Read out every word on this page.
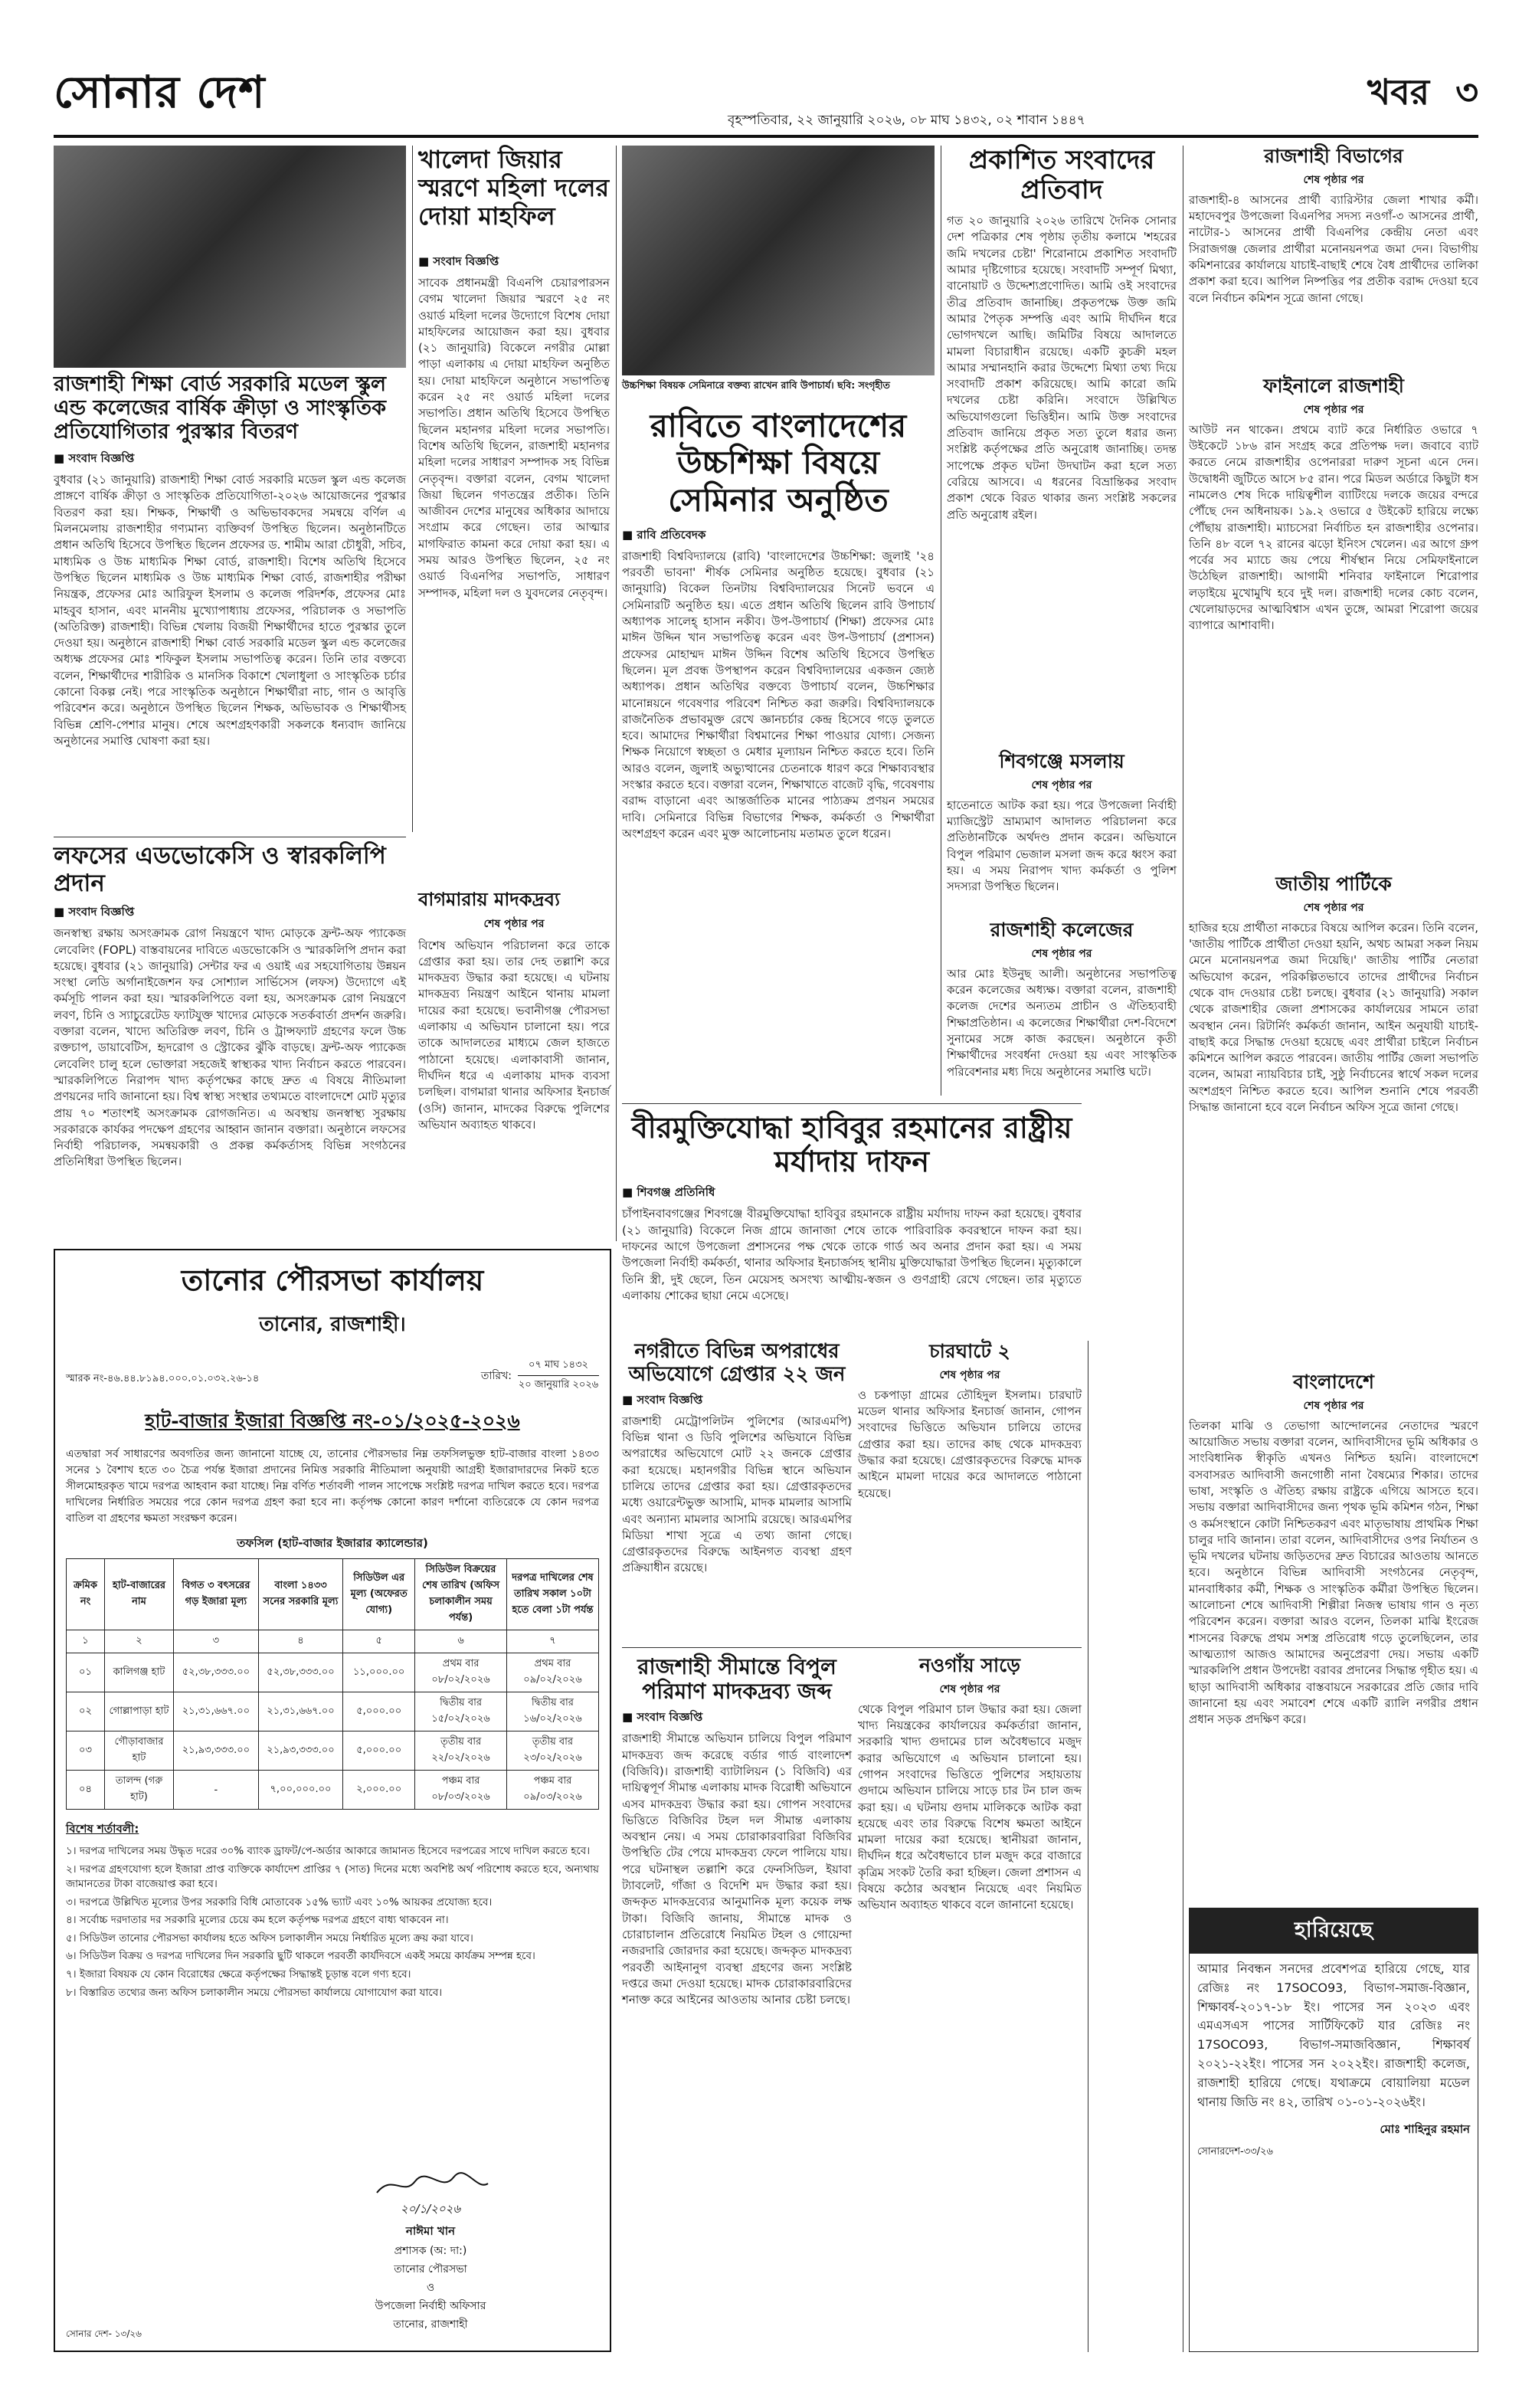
সোনার দেশ
বৃহস্পতিবার, ২২ জানুয়ারি ২০২৬, ০৮ মাঘ ১৪৩২, ০২ শাবান ১৪৪৭
খবর ৩
রাজশাহী শিক্ষা বোর্ড সরকারি মডেল স্কুল এন্ড কলেজের বার্ষিক ক্রীড়া ও সাংস্কৃতিক প্রতিযোগিতার পুরস্কার বিতরণ
■ সংবাদ বিজ্ঞপ্তি
বুধবার (২১ জানুয়ারি) রাজশাহী শিক্ষা বোর্ড সরকারি মডেল স্কুল এন্ড কলেজ প্রাঙ্গণে বার্ষিক ক্রীড়া ও সাংস্কৃতিক প্রতিযোগিতা-২০২৬ আয়োজনের পুরস্কার বিতরণ করা হয়। শিক্ষক, শিক্ষার্থী ও অভিভাবকদের সমন্বয়ে বর্ণিল এ মিলনমেলায় রাজশাহীর গণ্যমান্য ব্যক্তিবর্গ উপস্থিত ছিলেন। অনুষ্ঠানটিতে প্রধান অতিথি হিসেবে উপস্থিত ছিলেন প্রফেসর ড. শামীম আরা চৌধুরী, সচিব, মাধ্যমিক ও উচ্চ মাধ্যমিক শিক্ষা বোর্ড, রাজশাহী। বিশেষ অতিথি হিসেবে উপস্থিত ছিলেন মাধ্যমিক ও উচ্চ মাধ্যমিক শিক্ষা বোর্ড, রাজশাহীর পরীক্ষা নিয়ন্ত্রক, প্রফেসর মোঃ আরিফুল ইসলাম ও কলেজ পরিদর্শক, প্রফেসর মোঃ মাহবুব হাসান, এবং মাননীয় মুখ্যোপাধ্যায় প্রফেসর, পরিচালক ও সভাপতি (অতিরিক্ত) রাজশাহী। বিভিন্ন খেলায় বিজয়ী শিক্ষার্থীদের হাতে পুরস্কার তুলে দেওয়া হয়। অনুষ্ঠানে রাজশাহী শিক্ষা বোর্ড সরকারি মডেল স্কুল এন্ড কলেজের অধ্যক্ষ প্রফেসর মোঃ শফিকুল ইসলাম সভাপতিত্ব করেন। তিনি তার বক্তব্যে বলেন, শিক্ষার্থীদের শারীরিক ও মানসিক বিকাশে খেলাধুলা ও সাংস্কৃতিক চর্চার কোনো বিকল্প নেই। পরে সাংস্কৃতিক অনুষ্ঠানে শিক্ষার্থীরা নাচ, গান ও আবৃত্তি পরিবেশন করে। অনুষ্ঠানে উপস্থিত ছিলেন শিক্ষক, অভিভাবক ও শিক্ষার্থীসহ বিভিন্ন শ্রেণি-পেশার মানুষ। শেষে অংশগ্রহণকারী সকলকে ধন্যবাদ জানিয়ে অনুষ্ঠানের সমাপ্তি ঘোষণা করা হয়।
খালেদা জিয়ার স্মরণে মহিলা দলের দোয়া মাহফিল
■ সংবাদ বিজ্ঞপ্তি
সাবেক প্রধানমন্ত্রী বিএনপি চেয়ারপারসন বেগম খালেদা জিয়ার স্মরণে ২৫ নং ওয়ার্ড মহিলা দলের উদ্যোগে বিশেষ দোয়া মাহফিলের আয়োজন করা হয়। বুধবার (২১ জানুয়ারি) বিকেলে নগরীর মোল্লা পাড়া এলাকায় এ দোয়া মাহফিল অনুষ্ঠিত হয়। দোয়া মাহফিলে অনুষ্ঠানে সভাপতিত্ব করেন ২৫ নং ওয়ার্ড মহিলা দলের সভাপতি। প্রধান অতিথি হিসেবে উপস্থিত ছিলেন মহানগর মহিলা দলের সভাপতি। বিশেষ অতিথি ছিলেন, রাজশাহী মহানগর মহিলা দলের সাধারণ সম্পাদক সহ বিভিন্ন নেতৃবৃন্দ। বক্তারা বলেন, বেগম খালেদা জিয়া ছিলেন গণতন্ত্রের প্রতীক। তিনি আজীবন দেশের মানুষের অধিকার আদায়ে সংগ্রাম করে গেছেন। তার আত্মার মাগফিরাত কামনা করে দোয়া করা হয়। এ সময় আরও উপস্থিত ছিলেন, ২৫ নং ওয়ার্ড বিএনপির সভাপতি, সাধারণ সম্পাদক, মহিলা দল ও যুবদলের নেতৃবৃন্দ।
লফসের এডভোকেসি ও স্বারকলিপি প্রদান
■ সংবাদ বিজ্ঞপ্তি
জনস্বাস্থ্য রক্ষায় অসংক্রামক রোগ নিয়ন্ত্রণে খাদ্য মোড়কে ফ্রন্ট-অফ প্যাকেজ লেবেলিং (FOPL) বাস্তবায়নের দাবিতে এডভোকেসি ও স্মারকলিপি প্রদান করা হয়েছে। বুধবার (২১ জানুয়ারি) সেন্টার ফর এ ওয়াই এর সহযোগিতায় উন্নয়ন সংস্থা লেডি অর্গানাইজেশন ফর সোশ্যাল সার্ভিসেস (লফস) উদ্যোগে এই কর্মসূচি পালন করা হয়। স্মারকলিপিতে বলা হয়, অসংক্রামক রোগ নিয়ন্ত্রণে লবণ, চিনি ও স্যাচুরেটেড ফ্যাটযুক্ত খাদ্যের মোড়কে সতর্কবার্তা প্রদর্শন জরুরি। বক্তারা বলেন, খাদ্যে অতিরিক্ত লবণ, চিনি ও ট্রান্সফ্যাট গ্রহণের ফলে উচ্চ রক্তচাপ, ডায়াবেটিস, হৃদরোগ ও স্ট্রোকের ঝুঁকি বাড়ছে। ফ্রন্ট-অফ প্যাকেজ লেবেলিং চালু হলে ভোক্তারা সহজেই স্বাস্থ্যকর খাদ্য নির্বাচন করতে পারবেন। স্মারকলিপিতে নিরাপদ খাদ্য কর্তৃপক্ষের কাছে দ্রুত এ বিষয়ে নীতিমালা প্রণয়নের দাবি জানানো হয়। বিশ্ব স্বাস্থ্য সংস্থার তথ্যমতে বাংলাদেশে মোট মৃত্যুর প্রায় ৭০ শতাংশই অসংক্রামক রোগজনিত। এ অবস্থায় জনস্বাস্থ্য সুরক্ষায় সরকারকে কার্যকর পদক্ষেপ গ্রহণের আহ্বান জানান বক্তারা। অনুষ্ঠানে লফসের নির্বাহী পরিচালক, সমন্বয়কারী ও প্রকল্প কর্মকর্তাসহ বিভিন্ন সংগঠনের প্রতিনিধিরা উপস্থিত ছিলেন।
বাগমারায় মাদকদ্রব্য
শেষ পৃষ্ঠার পর
বিশেষ অভিযান পরিচালনা করে তাকে গ্রেপ্তার করা হয়। তার দেহ তল্লাশি করে মাদকদ্রব্য উদ্ধার করা হয়েছে। এ ঘটনায় মাদকদ্রব্য নিয়ন্ত্রণ আইনে থানায় মামলা দায়ের করা হয়েছে। ভবানীগঞ্জ পৌরসভা এলাকায় এ অভিযান চালানো হয়। পরে তাকে আদালতের মাধ্যমে জেল হাজতে পাঠানো হয়েছে। এলাকাবাসী জানান, দীর্ঘদিন ধরে এ এলাকায় মাদক ব্যবসা চলছিল। বাগমারা থানার অফিসার ইনচার্জ (ওসি) জানান, মাদকের বিরুদ্ধে পুলিশের অভিযান অব্যাহত থাকবে।
উচ্চশিক্ষা বিষয়ক সেমিনারে বক্তব্য রাখেন রাবি উপাচার্য। ছবি: সংগৃহীত
রাবিতে বাংলাদেশের উচ্চশিক্ষা বিষয়ে সেমিনার অনুষ্ঠিত
■ রাবি প্রতিবেদক
রাজশাহী বিশ্ববিদ্যালয়ে (রাবি) 'বাংলাদেশের উচ্চশিক্ষা: জুলাই '২৪ পরবর্তী ভাবনা' শীর্ষক সেমিনার অনুষ্ঠিত হয়েছে। বুধবার (২১ জানুয়ারি) বিকেল তিনটায় বিশ্ববিদ্যালয়ের সিনেট ভবনে এ সেমিনারটি অনুষ্ঠিত হয়। এতে প্রধান অতিথি ছিলেন রাবি উপাচার্য অধ্যাপক সালেহ্ হাসান নকীব। উপ-উপাচার্য (শিক্ষা) প্রফেসর মোঃ মাঈন উদ্দিন খান সভাপতিত্ব করেন এবং উপ-উপাচার্য (প্রশাসন) প্রফেসর মোহাম্মদ মাঈন উদ্দিন বিশেষ অতিথি হিসেবে উপস্থিত ছিলেন। মূল প্রবন্ধ উপস্থাপন করেন বিশ্ববিদ্যালয়ের একজন জ্যেষ্ঠ অধ্যাপক। প্রধান অতিথির বক্তব্যে উপাচার্য বলেন, উচ্চশিক্ষার মানোন্নয়নে গবেষণার পরিবেশ নিশ্চিত করা জরুরি। বিশ্ববিদ্যালয়কে রাজনৈতিক প্রভাবমুক্ত রেখে জ্ঞানচর্চার কেন্দ্র হিসেবে গড়ে তুলতে হবে। আমাদের শিক্ষার্থীরা বিশ্বমানের শিক্ষা পাওয়ার যোগ্য। সেজন্য শিক্ষক নিয়োগে স্বচ্ছতা ও মেধার মূল্যায়ন নিশ্চিত করতে হবে। তিনি আরও বলেন, জুলাই অভ্যুত্থানের চেতনাকে ধারণ করে শিক্ষাব্যবস্থার সংস্কার করতে হবে। বক্তারা বলেন, শিক্ষাখাতে বাজেট বৃদ্ধি, গবেষণায় বরাদ্দ বাড়ানো এবং আন্তর্জাতিক মানের পাঠ্যক্রম প্রণয়ন সময়ের দাবি। সেমিনারে বিভিন্ন বিভাগের শিক্ষক, কর্মকর্তা ও শিক্ষার্থীরা অংশগ্রহণ করেন এবং মুক্ত আলোচনায় মতামত তুলে ধরেন।
বীরমুক্তিযোদ্ধা হাবিবুর রহমানের রাষ্ট্রীয় মর্যাদায় দাফন
■ শিবগঞ্জ প্রতিনিধি
চাঁপাইনবাবগঞ্জের শিবগঞ্জে বীরমুক্তিযোদ্ধা হাবিবুর রহমানকে রাষ্ট্রীয় মর্যাদায় দাফন করা হয়েছে। বুধবার (২১ জানুয়ারি) বিকেলে নিজ গ্রামে জানাজা শেষে তাকে পারিবারিক কবরস্থানে দাফন করা হয়। দাফনের আগে উপজেলা প্রশাসনের পক্ষ থেকে তাকে গার্ড অব অনার প্রদান করা হয়। এ সময় উপজেলা নির্বাহী কর্মকর্তা, থানার অফিসার ইনচার্জসহ স্থানীয় মুক্তিযোদ্ধারা উপস্থিত ছিলেন। মৃত্যুকালে তিনি স্ত্রী, দুই ছেলে, তিন মেয়েসহ অসংখ্য আত্মীয়-স্বজন ও গুণগ্রাহী রেখে গেছেন। তার মৃত্যুতে এলাকায় শোকের ছায়া নেমে এসেছে।
প্রকাশিত সংবাদের প্রতিবাদ
গত ২০ জানুয়ারি ২০২৬ তারিখে দৈনিক সোনার দেশ পত্রিকার শেষ পৃষ্ঠায় তৃতীয় কলামে 'শহরের জমি দখলের চেষ্টা' শিরোনামে প্রকাশিত সংবাদটি আমার দৃষ্টিগোচর হয়েছে। সংবাদটি সম্পূর্ণ মিথ্যা, বানোয়াট ও উদ্দেশ্যপ্রণোদিত। আমি ওই সংবাদের তীব্র প্রতিবাদ জানাচ্ছি। প্রকৃতপক্ষে উক্ত জমি আমার পৈতৃক সম্পত্তি এবং আমি দীর্ঘদিন ধরে ভোগদখলে আছি। জমিটির বিষয়ে আদালতে মামলা বিচারাধীন রয়েছে। একটি কুচক্রী মহল আমার সম্মানহানি করার উদ্দেশ্যে মিথ্যা তথ্য দিয়ে সংবাদটি প্রকাশ করিয়েছে। আমি কারো জমি দখলের চেষ্টা করিনি। সংবাদে উল্লিখিত অভিযোগগুলো ভিত্তিহীন। আমি উক্ত সংবাদের প্রতিবাদ জানিয়ে প্রকৃত সত্য তুলে ধরার জন্য সংশ্লিষ্ট কর্তৃপক্ষের প্রতি অনুরোধ জানাচ্ছি। তদন্ত সাপেক্ষে প্রকৃত ঘটনা উদঘাটন করা হলে সত্য বেরিয়ে আসবে। এ ধরনের বিভ্রান্তিকর সংবাদ প্রকাশ থেকে বিরত থাকার জন্য সংশ্লিষ্ট সকলের প্রতি অনুরোধ রইল।
শিবগঞ্জে মসলায়
শেষ পৃষ্ঠার পর
হাতেনাতে আটক করা হয়। পরে উপজেলা নির্বাহী ম্যাজিস্ট্রেট ভ্রাম্যমাণ আদালত পরিচালনা করে প্রতিষ্ঠানটিকে অর্থদণ্ড প্রদান করেন। অভিযানে বিপুল পরিমাণ ভেজাল মসলা জব্দ করে ধ্বংস করা হয়। এ সময় নিরাপদ খাদ্য কর্মকর্তা ও পুলিশ সদস্যরা উপস্থিত ছিলেন।
রাজশাহী কলেজের
শেষ পৃষ্ঠার পর
আর মোঃ ইউনুছ আলী। অনুষ্ঠানের সভাপতিত্ব করেন কলেজের অধ্যক্ষ। বক্তারা বলেন, রাজশাহী কলেজ দেশের অন্যতম প্রাচীন ও ঐতিহ্যবাহী শিক্ষাপ্রতিষ্ঠান। এ কলেজের শিক্ষার্থীরা দেশ-বিদেশে সুনামের সঙ্গে কাজ করছেন। অনুষ্ঠানে কৃতী শিক্ষার্থীদের সংবর্ধনা দেওয়া হয় এবং সাংস্কৃতিক পরিবেশনার মধ্য দিয়ে অনুষ্ঠানের সমাপ্তি ঘটে।
রাজশাহী বিভাগের
শেষ পৃষ্ঠার পর
রাজশাহী-৪ আসনের প্রার্থী ব্যারিস্টার জেলা শাখার কর্মী। মহাদেবপুর উপজেলা বিএনপির সদস্য নওগাঁ-৩ আসনের প্রার্থী, নাটোর-১ আসনের প্রার্থী বিএনপির কেন্দ্রীয় নেতা এবং সিরাজগঞ্জ জেলার প্রার্থীরা মনোনয়নপত্র জমা দেন। বিভাগীয় কমিশনারের কার্যালয়ে যাচাই-বাছাই শেষে বৈধ প্রার্থীদের তালিকা প্রকাশ করা হবে। আপিল নিষ্পত্তির পর প্রতীক বরাদ্দ দেওয়া হবে বলে নির্বাচন কমিশন সূত্রে জানা গেছে।
ফাইনালে রাজশাহী
শেষ পৃষ্ঠার পর
আউট নন থাকেন। প্রথমে ব্যাট করে নির্ধারিত ওভারে ৭ উইকেটে ১৮৬ রান সংগ্রহ করে প্রতিপক্ষ দল। জবাবে ব্যাট করতে নেমে রাজশাহীর ওপেনাররা দারুণ সূচনা এনে দেন। উদ্বোধনী জুটিতে আসে ৮৫ রান। পরে মিডল অর্ডারে কিছুটা ধস নামলেও শেষ দিকে দায়িত্বশীল ব্যাটিংয়ে দলকে জয়ের বন্দরে পৌঁছে দেন অধিনায়ক। ১৯.২ ওভারে ৫ উইকেট হারিয়ে লক্ষ্যে পৌঁছায় রাজশাহী। ম্যাচসেরা নির্বাচিত হন রাজশাহীর ওপেনার। তিনি ৪৮ বলে ৭২ রানের ঝড়ো ইনিংস খেলেন। এর আগে গ্রুপ পর্বের সব ম্যাচে জয় পেয়ে শীর্ষস্থান নিয়ে সেমিফাইনালে উঠেছিল রাজশাহী। আগামী শনিবার ফাইনালে শিরোপার লড়াইয়ে মুখোমুখি হবে দুই দল। রাজশাহী দলের কোচ বলেন, খেলোয়াড়দের আত্মবিশ্বাস এখন তুঙ্গে, আমরা শিরোপা জয়ের ব্যাপারে আশাবাদী।
জাতীয় পার্টিকে
শেষ পৃষ্ঠার পর
হাজির হয়ে প্রার্থীতা নাকচের বিষয়ে আপিল করেন। তিনি বলেন, 'জাতীয় পার্টিকে প্রার্থীতা দেওয়া হয়নি, অথচ আমরা সকল নিয়ম মেনে মনোনয়নপত্র জমা দিয়েছি।' জাতীয় পার্টির নেতারা অভিযোগ করেন, পরিকল্পিতভাবে তাদের প্রার্থীদের নির্বাচন থেকে বাদ দেওয়ার চেষ্টা চলছে। বুধবার (২১ জানুয়ারি) সকাল থেকে রাজশাহীর জেলা প্রশাসকের কার্যালয়ের সামনে তারা অবস্থান নেন। রিটার্নিং কর্মকর্তা জানান, আইন অনুযায়ী যাচাই-বাছাই করে সিদ্ধান্ত দেওয়া হয়েছে এবং প্রার্থীরা চাইলে নির্বাচন কমিশনে আপিল করতে পারবেন। জাতীয় পার্টির জেলা সভাপতি বলেন, আমরা ন্যায়বিচার চাই, সুষ্ঠু নির্বাচনের স্বার্থে সকল দলের অংশগ্রহণ নিশ্চিত করতে হবে। আপিল শুনানি শেষে পরবর্তী সিদ্ধান্ত জানানো হবে বলে নির্বাচন অফিস সূত্রে জানা গেছে।
বাংলাদেশে
শেষ পৃষ্ঠার পর
তিলকা মাঝি ও তেভাগা আন্দোলনের নেতাদের স্মরণে আয়োজিত সভায় বক্তারা বলেন, আদিবাসীদের ভূমি অধিকার ও সাংবিধানিক স্বীকৃতি এখনও নিশ্চিত হয়নি। বাংলাদেশে বসবাসরত আদিবাসী জনগোষ্ঠী নানা বৈষম্যের শিকার। তাদের ভাষা, সংস্কৃতি ও ঐতিহ্য রক্ষায় রাষ্ট্রকে এগিয়ে আসতে হবে। সভায় বক্তারা আদিবাসীদের জন্য পৃথক ভূমি কমিশন গঠন, শিক্ষা ও কর্মসংস্থানে কোটা নিশ্চিতকরণ এবং মাতৃভাষায় প্রাথমিক শিক্ষা চালুর দাবি জানান। তারা বলেন, আদিবাসীদের ওপর নির্যাতন ও ভূমি দখলের ঘটনায় জড়িতদের দ্রুত বিচারের আওতায় আনতে হবে। অনুষ্ঠানে বিভিন্ন আদিবাসী সংগঠনের নেতৃবৃন্দ, মানবাধিকার কর্মী, শিক্ষক ও সাংস্কৃতিক কর্মীরা উপস্থিত ছিলেন। আলোচনা শেষে আদিবাসী শিল্পীরা নিজস্ব ভাষায় গান ও নৃত্য পরিবেশন করেন। বক্তারা আরও বলেন, তিলকা মাঝি ইংরেজ শাসনের বিরুদ্ধে প্রথম সশস্ত্র প্রতিরোধ গড়ে তুলেছিলেন, তার আত্মত্যাগ আজও আমাদের অনুপ্রেরণা দেয়। সভায় একটি স্মারকলিপি প্রধান উপদেষ্টা বরাবর প্রদানের সিদ্ধান্ত গৃহীত হয়। এ ছাড়া আদিবাসী অধিকার বাস্তবায়নে সরকারের প্রতি জোর দাবি জানানো হয় এবং সমাবেশ শেষে একটি র‍্যালি নগরীর প্রধান প্রধান সড়ক প্রদক্ষিণ করে।
হারিয়েছে
আমার নিবন্ধন সনদের প্রবেশপত্র হারিয়ে গেছে, যার রেজিঃ নং 17SOCO93, বিভাগ-সমাজ-বিজ্ঞান, শিক্ষাবর্ষ-২০১৭-১৮ ইং। পাসের সন ২০২৩ এবং এমএসএস পাসের সার্টিফিকেট যার রেজিঃ নং 17SOCO93, বিভাগ-সমাজবিজ্ঞান, শিক্ষাবর্ষ ২০২১-২২ইং। পাসের সন ২০২২ইং। রাজশাহী কলেজ, রাজশাহী হারিয়ে গেছে। যথাক্রমে বোয়ালিয়া মডেল থানায় জিডি নং ৪২, তারিখ ০১-০১-২০২৬ইং।
মোঃ শাহিনুর রহমান
সোনারদেশ-৩৩/২৬
তানোর পৌরসভা কার্যালয়
তানোর, রাজশাহী।
স্মারক নং-৪৬.৪৪.৮১৯৪.০০০.০১.০৩২.২৬-১৪	তারিখ:
০৭ মাঘ ১৪৩২
২০ জানুয়ারি ২০২৬
হাট-বাজার ইজারা বিজ্ঞপ্তি নং-০১/২০২৫-২০২৬
এতদ্বারা সর্ব সাধারণের অবগতির জন্য জানানো যাচ্ছে যে, তানোর পৌরসভার নিম্ন তফসিলভুক্ত হাট-বাজার বাংলা ১৪৩৩ সনের ১ বৈশাখ হতে ৩০ চৈত্র পর্যন্ত ইজারা প্রদানের নিমিত্ত সরকারি নীতিমালা অনুযায়ী আগ্রহী ইজারাদারদের নিকট হতে সীলমোহরকৃত খামে দরপত্র আহবান করা যাচ্ছে। নিম্ন বর্ণিত শর্তাবলী পালন সাপেক্ষে সংশ্লিষ্ট দরপত্র দাখিল করতে হবে। দরপত্র দাখিলের নির্ধারিত সময়ের পরে কোন দরপত্র গ্রহণ করা হবে না। কর্তৃপক্ষ কোনো কারণ দর্শানো ব্যতিরেকে যে কোন দরপত্র বাতিল বা গ্রহণের ক্ষমতা সংরক্ষণ করেন।
তফসিল (হাট-বাজার ইজারার ক্যালেন্ডার)
ক্রমিক নং	হাট-বাজারের নাম	বিগত ৩ বৎসরের গড় ইজারা মূল্য	বাংলা ১৪৩৩ সনের সরকারি মূল্য	সিডিউল এর মূল্য (অফেরত যোগ্য)	সিডিউল বিক্রয়ের শেষ তারিখ (অফিস চলাকালীন সময় পর্যন্ত)	দরপত্র দাখিলের শেষ তারিখ সকাল ১০টা হতে বেলা ১টা পর্যন্ত
১	২	৩	৪	৫	৬	৭
০১	কালিগঞ্জ হাট	৫২,৩৮,৩৩৩.০০	৫২,৩৮,৩৩৩.০০	১১,০০০.০০	প্রথম বার ০৮/০২/২০২৬	প্রথম বার ০৯/০২/২০২৬
০২	গোল্লাপাড়া হাট	২১,৩১,৬৬৭.০০	২১,৩১,৬৬৭.০০	৫,০০০.০০	দ্বিতীয় বার ১৫/০২/২০২৬	দ্বিতীয় বার ১৬/০২/২০২৬
০৩	গৌড়াবাজার হাট	২১,৯৩,৩৩৩.০০	২১,৯৩,৩৩৩.০০	৫,০০০.০০	তৃতীয় বার ২২/০২/২০২৬	তৃতীয় বার ২৩/০২/২০২৬
০৪	তালন্দ (গরু হাট)	-	৭,০০,০০০.০০	২,০০০.০০	পঞ্চম বার ০৮/০৩/২০২৬	পঞ্চম বার ০৯/০৩/২০২৬
বিশেষ শর্তাবলী:
১। দরপত্র দাখিলের সময় উদ্ধৃত দরের ৩০% ব্যাংক ড্রাফট/পে-অর্ডার আকারে জামানত হিসেবে দরপত্রের সাথে দাখিল করতে হবে।
২। দরপত্র গ্রহণযোগ্য হলে ইজারা প্রাপ্ত ব্যক্তিকে কার্যাদেশ প্রাপ্তির ৭ (সাত) দিনের মধ্যে অবশিষ্ট অর্থ পরিশোধ করতে হবে, অন্যথায় জামানতের টাকা বাজেয়াপ্ত করা হবে।
৩। দরপত্রে উল্লিখিত মূল্যের উপর সরকারি বিধি মোতাবেক ১৫% ভ্যাট এবং ১০% আয়কর প্রযোজ্য হবে।
৪। সর্বোচ্চ দরদাতার দর সরকারি মূল্যের চেয়ে কম হলে কর্তৃপক্ষ দরপত্র গ্রহণে বাধ্য থাকবেন না।
৫। সিডিউল তানোর পৌরসভা কার্যালয় হতে অফিস চলাকালীন সময়ে নির্ধারিত মূল্যে ক্রয় করা যাবে।
৬। সিডিউল বিক্রয় ও দরপত্র দাখিলের দিন সরকারি ছুটি থাকলে পরবর্তী কার্যদিবসে একই সময়ে কার্যক্রম সম্পন্ন হবে।
৭। ইজারা বিষয়ক যে কোন বিরোধের ক্ষেত্রে কর্তৃপক্ষের সিদ্ধান্তই চূড়ান্ত বলে গণ্য হবে।
৮। বিস্তারিত তথ্যের জন্য অফিস চলাকালীন সময়ে পৌরসভা কার্যালয়ে যোগাযোগ করা যাবে।
২০/১/২০২৬
নাঈমা খান
প্রশাসক (অ: দা:)
তানোর পৌরসভা
ও
উপজেলা নির্বাহী অফিসার
তানোর, রাজশাহী
সোনার দেশ- ১৩/২৬
নগরীতে বিভিন্ন অপরাধের অভিযোগে গ্রেপ্তার ২২ জন
■ সংবাদ বিজ্ঞপ্তি
রাজশাহী মেট্রোপলিটন পুলিশের (আরএমপি) বিভিন্ন থানা ও ডিবি পুলিশের অভিযানে বিভিন্ন অপরাধের অভিযোগে মোট ২২ জনকে গ্রেপ্তার করা হয়েছে। মহানগরীর বিভিন্ন স্থানে অভিযান চালিয়ে তাদের গ্রেপ্তার করা হয়। গ্রেপ্তারকৃতদের মধ্যে ওয়ারেন্টভুক্ত আসামি, মাদক মামলার আসামি এবং অন্যান্য মামলার আসামি রয়েছে। আরএমপির মিডিয়া শাখা সূত্রে এ তথ্য জানা গেছে। গ্রেপ্তারকৃতদের বিরুদ্ধে আইনগত ব্যবস্থা গ্রহণ প্রক্রিয়াধীন রয়েছে।
চারঘাটে ২
শেষ পৃষ্ঠার পর
ও চকপাড়া গ্রামের তৌহিদুল ইসলাম। চারঘাট মডেল থানার অফিসার ইনচার্জ জানান, গোপন সংবাদের ভিত্তিতে অভিযান চালিয়ে তাদের গ্রেপ্তার করা হয়। তাদের কাছ থেকে মাদকদ্রব্য উদ্ধার করা হয়েছে। গ্রেপ্তারকৃতদের বিরুদ্ধে মাদক আইনে মামলা দায়ের করে আদালতে পাঠানো হয়েছে।
রাজশাহী সীমান্তে বিপুল পরিমাণ মাদকদ্রব্য জব্দ
■ সংবাদ বিজ্ঞপ্তি
রাজশাহী সীমান্তে অভিযান চালিয়ে বিপুল পরিমাণ মাদকদ্রব্য জব্দ করেছে বর্ডার গার্ড বাংলাদেশ (বিজিবি)। রাজশাহী ব্যাটালিয়ন (১ বিজিবি) এর দায়িত্বপূর্ণ সীমান্ত এলাকায় মাদক বিরোধী অভিযানে এসব মাদকদ্রব্য উদ্ধার করা হয়। গোপন সংবাদের ভিত্তিতে বিজিবির টহল দল সীমান্ত এলাকায় অবস্থান নেয়। এ সময় চোরাকারবারিরা বিজিবির উপস্থিতি টের পেয়ে মাদকদ্রব্য ফেলে পালিয়ে যায়। পরে ঘটনাস্থল তল্লাশি করে ফেনসিডিল, ইয়াবা ট্যাবলেট, গাঁজা ও বিদেশি মদ উদ্ধার করা হয়। জব্দকৃত মাদকদ্রব্যের আনুমানিক মূল্য কয়েক লক্ষ টাকা। বিজিবি জানায়, সীমান্তে মাদক ও চোরাচালান প্রতিরোধে নিয়মিত টহল ও গোয়েন্দা নজরদারি জোরদার করা হয়েছে। জব্দকৃত মাদকদ্রব্য পরবর্তী আইনানুগ ব্যবস্থা গ্রহণের জন্য সংশ্লিষ্ট দপ্তরে জমা দেওয়া হয়েছে। মাদক চোরাকারবারিদের শনাক্ত করে আইনের আওতায় আনার চেষ্টা চলছে।
নওগাঁয় সাড়ে
শেষ পৃষ্ঠার পর
থেকে বিপুল পরিমাণ চাল উদ্ধার করা হয়। জেলা খাদ্য নিয়ন্ত্রকের কার্যালয়ের কর্মকর্তারা জানান, সরকারি খাদ্য গুদামের চাল অবৈধভাবে মজুদ করার অভিযোগে এ অভিযান চালানো হয়। গোপন সংবাদের ভিত্তিতে পুলিশের সহায়তায় গুদামে অভিযান চালিয়ে সাড়ে চার টন চাল জব্দ করা হয়। এ ঘটনায় গুদাম মালিককে আটক করা হয়েছে এবং তার বিরুদ্ধে বিশেষ ক্ষমতা আইনে মামলা দায়ের করা হয়েছে। স্থানীয়রা জানান, দীর্ঘদিন ধরে অবৈধভাবে চাল মজুদ করে বাজারে কৃত্রিম সংকট তৈরি করা হচ্ছিল। জেলা প্রশাসন এ বিষয়ে কঠোর অবস্থান নিয়েছে এবং নিয়মিত অভিযান অব্যাহত থাকবে বলে জানানো হয়েছে।
